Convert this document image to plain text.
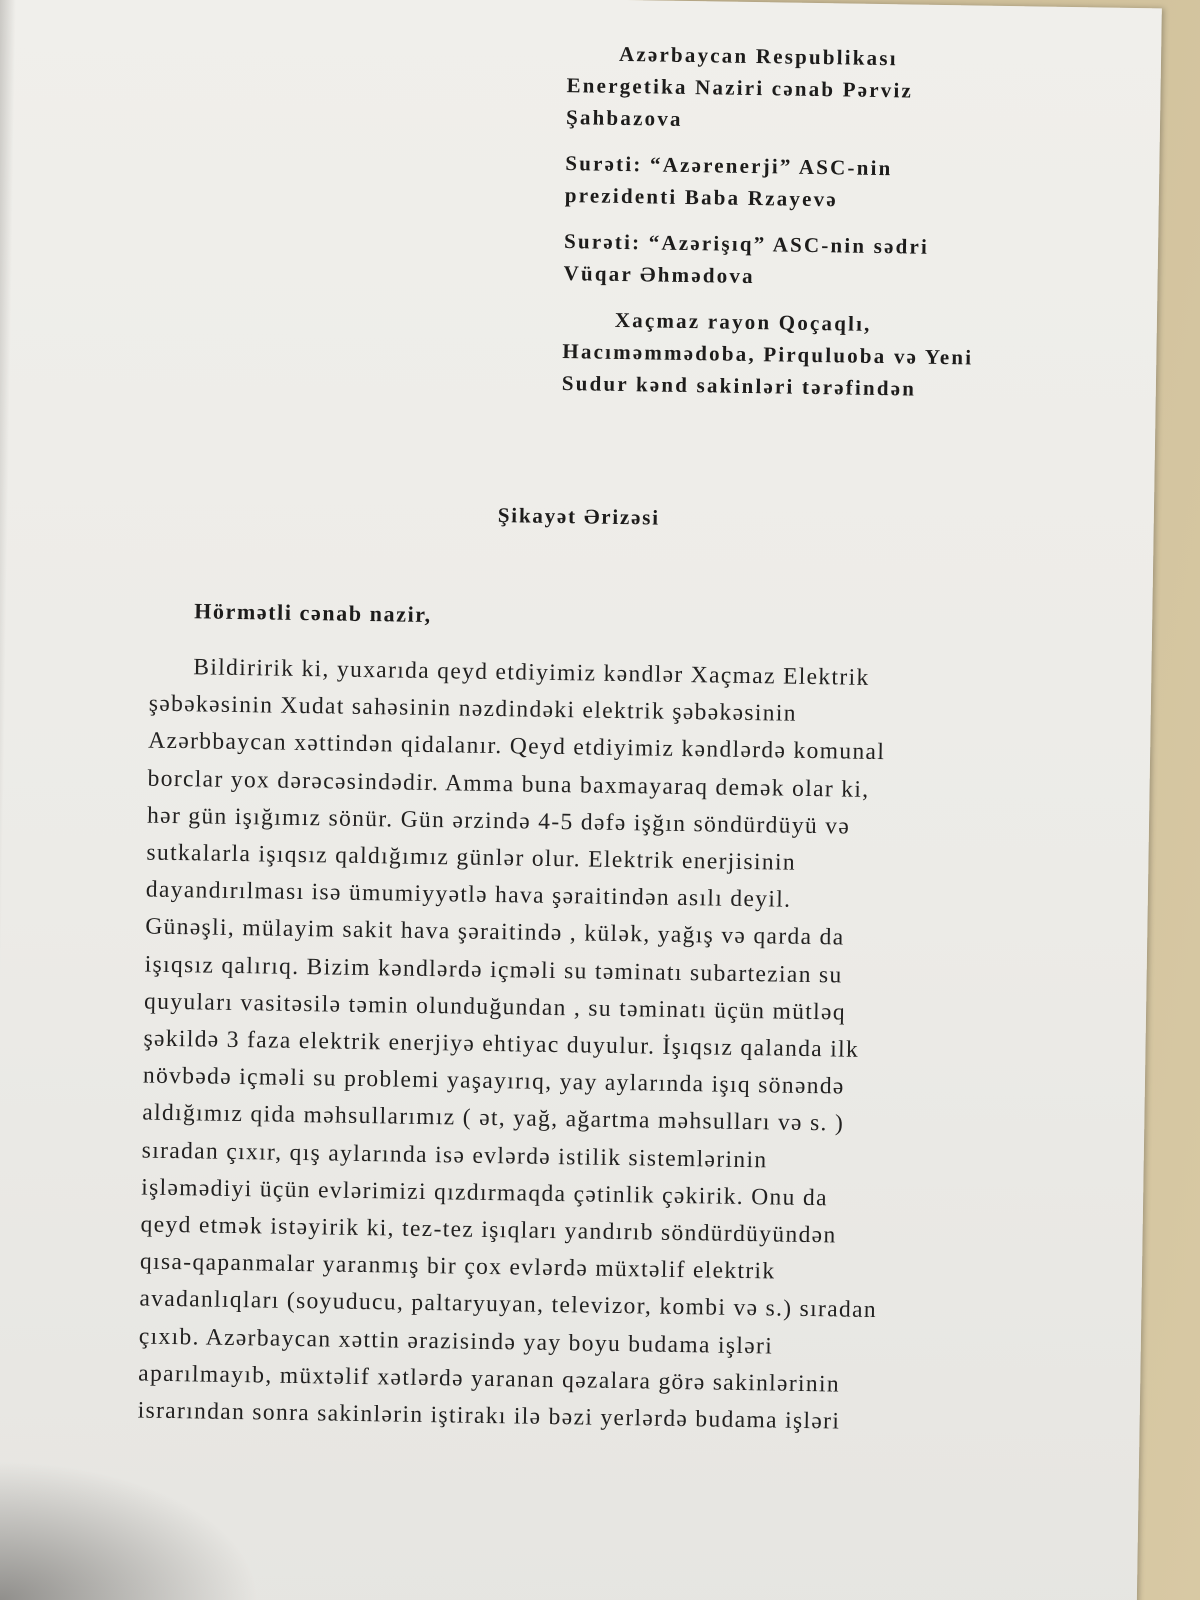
Azərbaycan Respublikası
Energetika Naziri cənab Pərviz
Şahbazova
Surəti: “Azərenerji” ASC-nin
prezidenti Baba Rzayevə
Surəti: “Azərişıq” ASC-nin sədri
Vüqar Əhmədova
Xaçmaz rayon Qoçaqlı,
Hacıməmmədoba, Pirquluoba və Yeni
Sudur kənd sakinləri tərəfindən
Şikayət Ərizəsi
Hörmətli cənab nazir,
Bildiririk ki, yuxarıda qeyd etdiyimiz kəndlər Xaçmaz Elektrik
şəbəkəsinin Xudat sahəsinin nəzdindəki elektrik şəbəkəsinin
Azərbbaycan xəttindən qidalanır. Qeyd etdiyimiz kəndlərdə komunal
borclar yox dərəcəsindədir. Amma buna baxmayaraq demək olar ki,
hər gün işığımız sönür. Gün ərzində 4-5 dəfə işğın söndürdüyü və
sutkalarla işıqsız qaldığımız günlər olur. Elektrik enerjisinin
dayandırılması isə ümumiyyətlə hava şəraitindən asılı deyil.
Günəşli, mülayim sakit hava şəraitində , külək, yağış və qarda da
işıqsız qalırıq. Bizim kəndlərdə içməli su təminatı subartezian su
quyuları vasitəsilə təmin olunduğundan , su təminatı üçün mütləq
şəkildə 3 faza elektrik enerjiyə ehtiyac duyulur. İşıqsız qalanda ilk
növbədə içməli su problemi yaşayırıq, yay aylarında işıq sönəndə
aldığımız qida məhsullarımız ( ət, yağ, ağartma məhsulları və s. )
sıradan çıxır, qış aylarında isə evlərdə istilik sistemlərinin
işləmədiyi üçün evlərimizi qızdırmaqda çətinlik çəkirik. Onu da
qeyd etmək istəyirik ki, tez-tez işıqları yandırıb söndürdüyündən
qısa-qapanmalar yaranmış bir çox evlərdə müxtəlif elektrik
avadanlıqları (soyuducu, paltaryuyan, televizor, kombi və s.) sıradan
çıxıb. Azərbaycan xəttin ərazisində yay boyu budama işləri
aparılmayıb, müxtəlif xətlərdə yaranan qəzalara görə sakinlərinin
israrından sonra sakinlərin iştirakı ilə bəzi yerlərdə budama işləri
